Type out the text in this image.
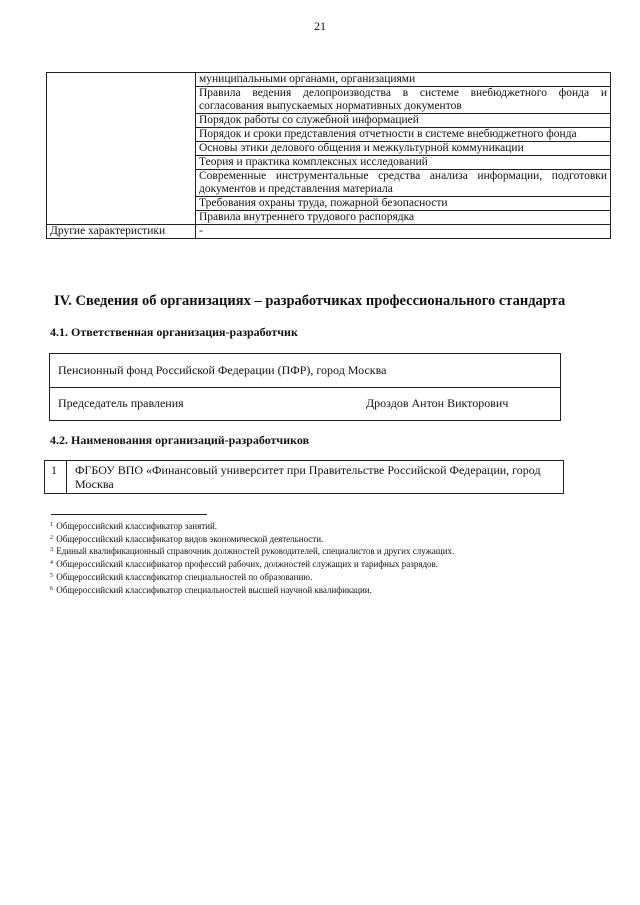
21
	муниципальными органами, организациями
	Правила ведения делопроизводства в системе внебюджетного фонда и согласования выпускаемых нормативных документов
	Порядок работы со служебной информацией
	Порядок и сроки представления отчетности в системе внебюджетного фонда
	Основы этики делового общения и межкультурной коммуникации
	Теория и практика комплексных исследований
	Современные инструментальные средства анализа информации, подготовки документов и представления материала
	Требования охраны труда, пожарной безопасности
	Правила внутреннего трудового распорядка
Другие характеристики	-
IV. Сведения об организациях – разработчиках профессионального стандарта
4.1. Ответственная организация-разработчик
Пенсионный фонд Российской Федерации (ПФР), город Москва
Председатель правления	Дроздов Антон Викторович
4.2. Наименования организаций-разработчиков
1	ФГБОУ ВПО «Финансовый университет при Правительстве Российской Федерации, город Москва
$^1$ Общероссийский классификатор занятий.
$^2$ Общероссийский классификатор видов экономической деятельности.
$^3$ Единый квалификационный справочник должностей руководителей, специалистов и других служащих.
$^4$ Общероссийский классификатор профессий рабочих, должностей служащих и тарифных разрядов.
$^5$ Общероссийский классификатор специальностей по образованию.
$^6$ Общероссийский классификатор специальностей высшей научной квалификации.
